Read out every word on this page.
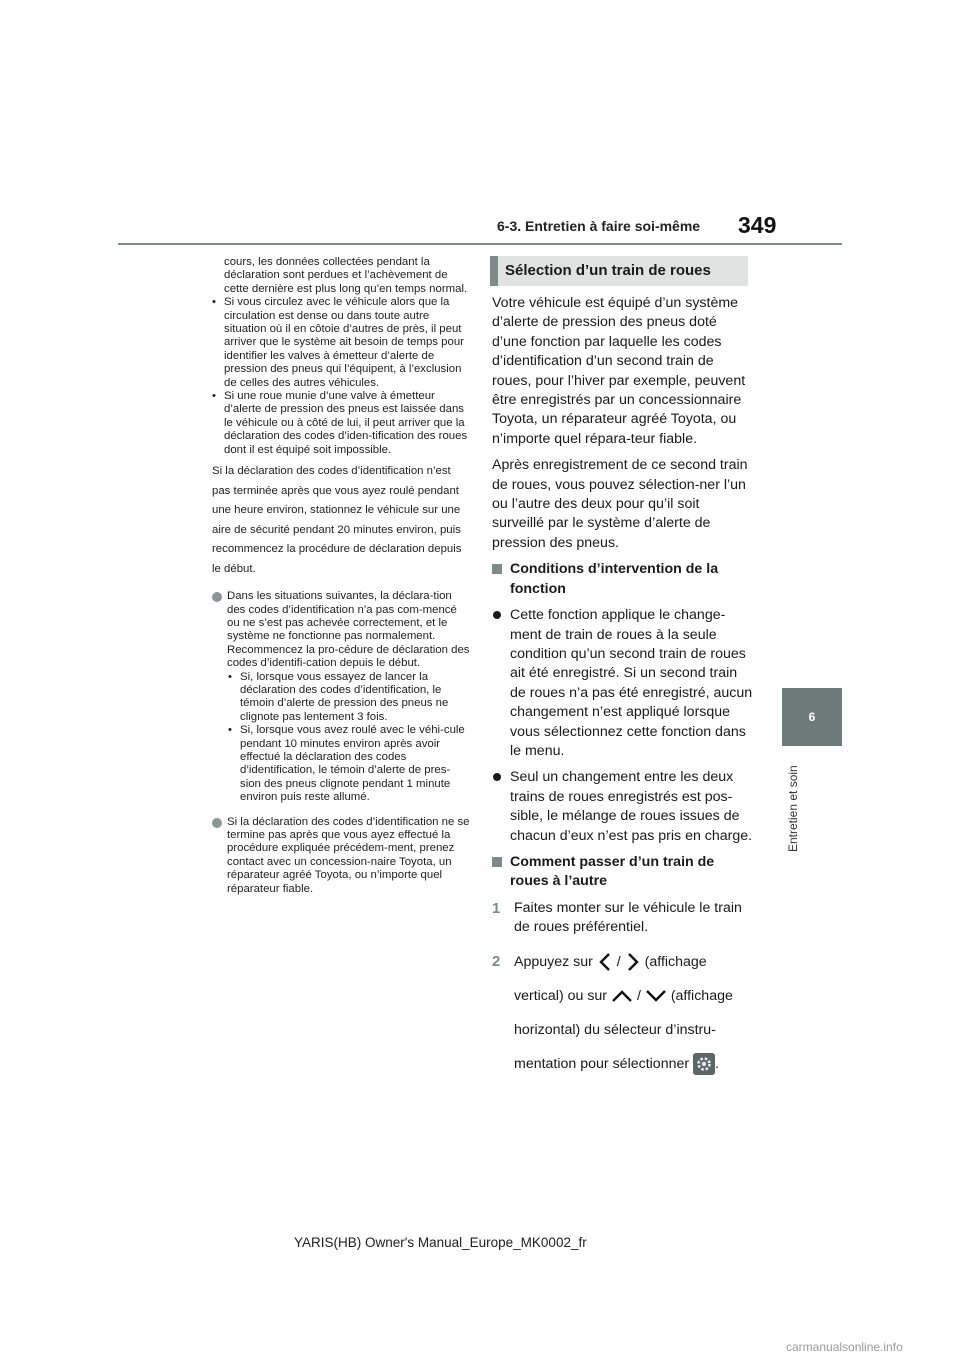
6-3. Entretien à faire soi-même 349
6
Entretien et soin

cours, les données collectées pendant la déclaration sont perdues et l’achèvement de cette dernière est plus long qu’en temps normal.

• Si vous circulez avec le véhicule alors que la circulation est dense ou dans toute autre situation où il en côtoie d’autres de près, il peut arriver que le système ait besoin de temps pour identifier les valves à émetteur d’alerte de pression des pneus qui l’équipent, à l’exclusion de celles des autres véhicules.

• Si une roue munie d’une valve à émetteur d’alerte de pression des pneus est laissée dans le véhicule ou à côté de lui, il peut arriver que la déclaration des codes d’iden-tification des roues dont il est équipé soit impossible.

Si la déclaration des codes d’identification n’est pas terminée après que vous ayez roulé pendant une heure environ, stationnez le véhicule sur une aire de sécurité pendant 20 minutes environ, puis recommencez la procédure de déclaration depuis le début.

Dans les situations suivantes, la déclara-tion des codes d’identification n’a pas com-mencé ou ne s’est pas achevée correctement, et le système ne fonctionne pas normalement. Recommencez la pro-cédure de déclaration des codes d’identifi-cation depuis le début.

• Si, lorsque vous essayez de lancer la déclaration des codes d’identification, le témoin d’alerte de pression des pneus ne clignote pas lentement 3 fois.

• Si, lorsque vous avez roulé avec le véhi-cule pendant 10 minutes environ après avoir effectué la déclaration des codes d’identification, le témoin d’alerte de pres-sion des pneus clignote pendant 1 minute environ puis reste allumé.

Si la déclaration des codes d’identification ne se termine pas après que vous ayez effectué la procédure expliquée précédem-ment, prenez contact avec un concession-naire Toyota, un réparateur agréé Toyota, ou n’importe quel réparateur fiable.

Sélection d’un train de roues

Votre véhicule est équipé d’un système d’alerte de pression des pneus doté d’une fonction par laquelle les codes d’identification d’un second train de roues, pour l’hiver par exemple, peuvent être enregistrés par un concessionnaire Toyota, un réparateur agréé Toyota, ou n’importe quel répara-teur fiable.

Après enregistrement de ce second train de roues, vous pouvez sélection-ner l’un ou l’autre des deux pour qu’il soit surveillé par le système d’alerte de pression des pneus.

Conditions d’intervention de la fonction

Cette fonction applique le change-ment de train de roues à la seule condition qu’un second train de roues ait été enregistré. Si un second train de roues n’a pas été enregistré, aucun changement n’est appliqué lorsque vous sélectionnez cette fonction dans le menu.

Seul un changement entre les deux trains de roues enregistrés est pos-sible, le mélange de roues issues de chacun d’eux n’est pas pris en charge.

Comment passer d’un train de roues à l’autre

1 Faites monter sur le véhicule le train de roues préférentiel.

2 Appuyez sur / (affichage vertical) ou sur / (affichage horizontal) du sélecteur d’instru-mentation pour sélectionner .

YARIS(HB) Owner's Manual_Europe_MK0002_fr
carmanualsonline.info
